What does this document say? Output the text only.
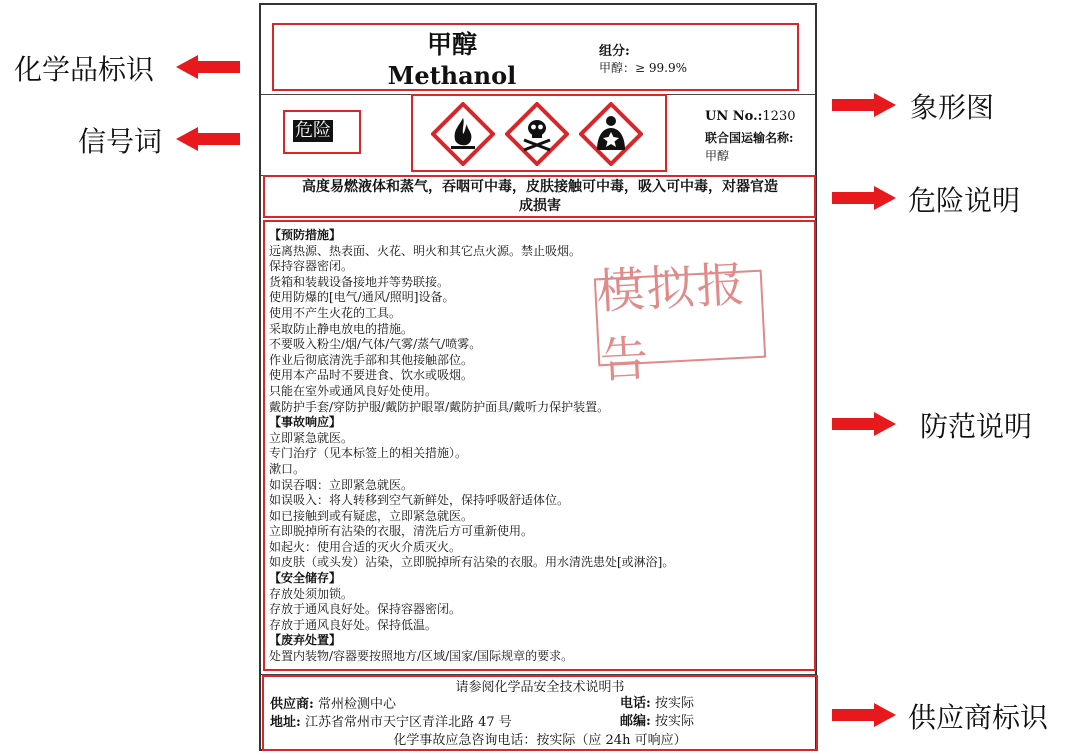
化学品标识
信号词
象形图
危险说明
防范说明
供应商标识
甲醇
Methanol
组分:
甲醇：≥ 99.9%
危险
UN No.:1230
联合国运输名称:
甲醇
高度易燃液体和蒸气，吞咽可中毒，皮肤接触可中毒，吸入可中毒，对器官造
成损害
【预防措施】
远离热源、热表面、火花、明火和其它点火源。禁止吸烟。
保持容器密闭。
货箱和装载设备接地并等势联接。
使用防爆的[电气/通风/照明]设备。
使用不产生火花的工具。
采取防止静电放电的措施。
不要吸入粉尘/烟/气体/气雾/蒸气/喷雾。
作业后彻底清洗手部和其他接触部位。
使用本产品时不要进食、饮水或吸烟。
只能在室外或通风良好处使用。
戴防护手套/穿防护服/戴防护眼罩/戴防护面具/戴听力保护装置。
【事故响应】
立即紧急就医。
专门治疗（见本标签上的相关措施）。
漱口。
如误吞咽：立即紧急就医。
如误吸入：将人转移到空气新鲜处，保持呼吸舒适体位。
如已接触到或有疑虑，立即紧急就医。
立即脱掉所有沾染的衣服，清洗后方可重新使用。
如起火：使用合适的灭火介质灭火。
如皮肤（或头发）沾染，立即脱掉所有沾染的衣服。用水清洗患处[或淋浴]。
【安全储存】
存放处须加锁。
存放于通风良好处。保持容器密闭。
存放于通风良好处。保持低温。
【废弃处置】
处置内装物/容器要按照地方/区域/国家/国际规章的要求。
模拟报告
请参阅化学品安全技术说明书
供应商: 常州检测中心	电话: 按实际
地址: 江苏省常州市天宁区青洋北路 47 号	邮编: 按实际
化学事故应急咨询电话：按实际（应 24h 可响应）
